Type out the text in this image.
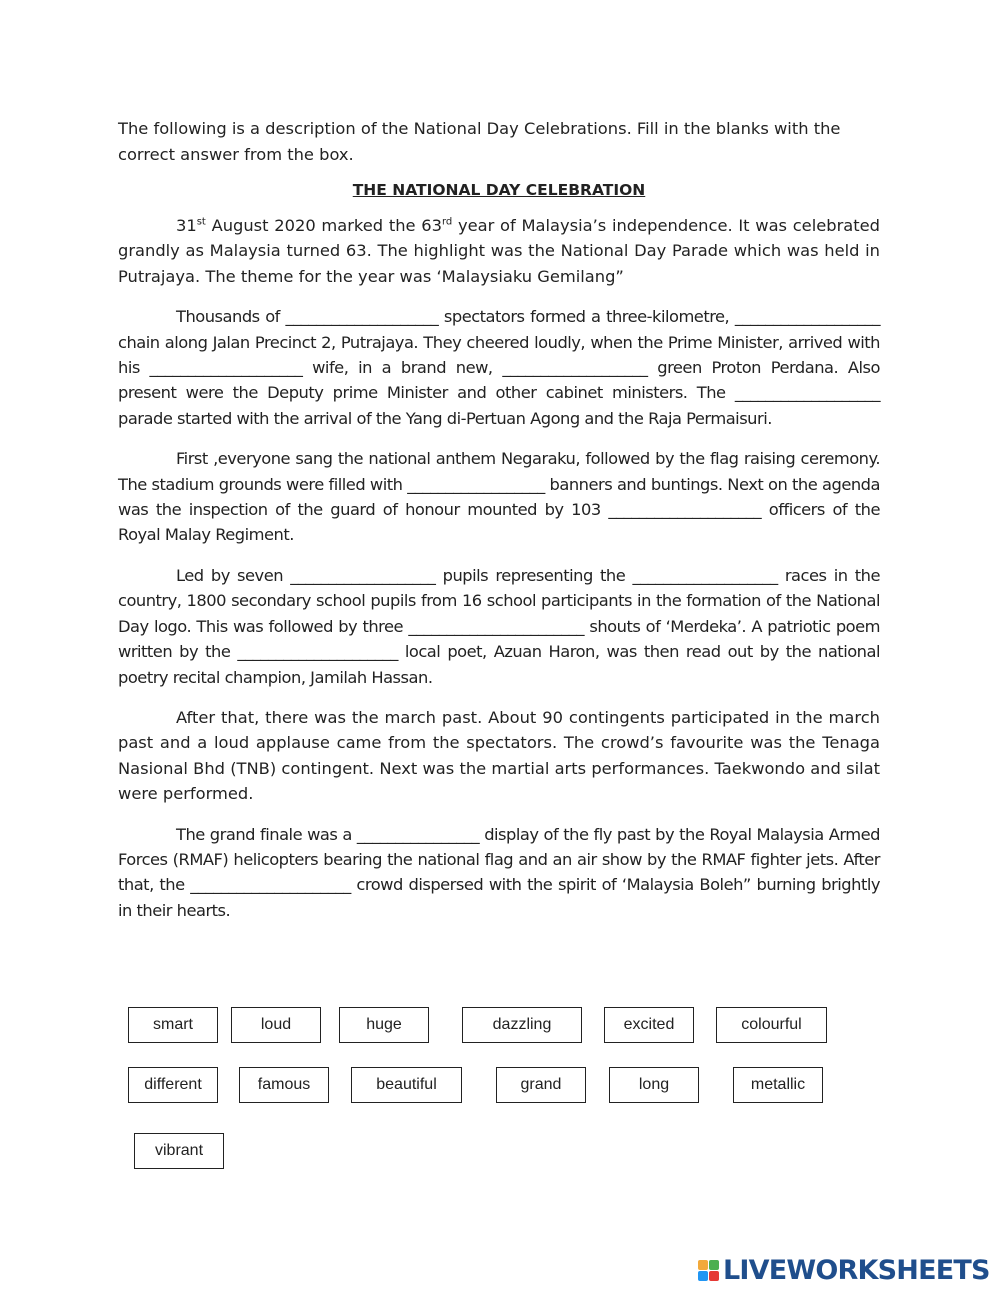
The following is a description of the National Day Celebrations. Fill in the blanks with the correct answer from the box.

THE NATIONAL DAY CELEBRATION

31st August 2020 marked the 63rd year of Malaysia’s independence. It was celebrated grandly as Malaysia turned 63. The highlight was the National Day Parade which was held in Putrajaya. The theme for the year was ‘Malaysiaku Gemilang”

Thousands of ____________________ spectators formed a three-kilometre, ___________________ chain along Jalan Precinct 2, Putrajaya. They cheered loudly, when the Prime Minister, arrived with his ____________________ wife, in a brand new, ___________________ green Proton Perdana. Also present were the Deputy prime Minister and other cabinet ministers. The ___________________ parade started with the arrival of the Yang di-Pertuan Agong and the Raja Permaisuri.

First ,everyone sang the national anthem Negaraku, followed by the flag raising ceremony. The stadium grounds were filled with __________________ banners and buntings. Next on the agenda was the inspection of the guard of honour mounted by 103 ____________________ officers of the Royal Malay Regiment.

Led by seven ___________________ pupils representing the ___________________ races in the country, 1800 secondary school pupils from 16 school participants in the formation of the National Day logo. This was followed by three _______________________ shouts of ‘Merdeka’. A patriotic poem written by the _____________________ local poet, Azuan Haron, was then read out by the national poetry recital champion, Jamilah Hassan.

After that, there was the march past. About 90 contingents participated in the march past and a loud applause came from the spectators. The crowd’s favourite was the Tenaga Nasional Bhd (TNB) contingent. Next was the martial arts performances. Taekwondo and silat were performed.

The grand finale was a ________________ display of the fly past by the Royal Malaysia Armed Forces (RMAF) helicopters bearing the national flag and an air show by the RMAF fighter jets. After that, the _____________________ crowd dispersed with the spirit of ‘Malaysia Boleh” burning brightly in their hearts.

smart	loud	huge	dazzling	excited	colourful
different	famous	beautiful	grand	long	metallic
vibrant
LIVEWORKSHEETS
